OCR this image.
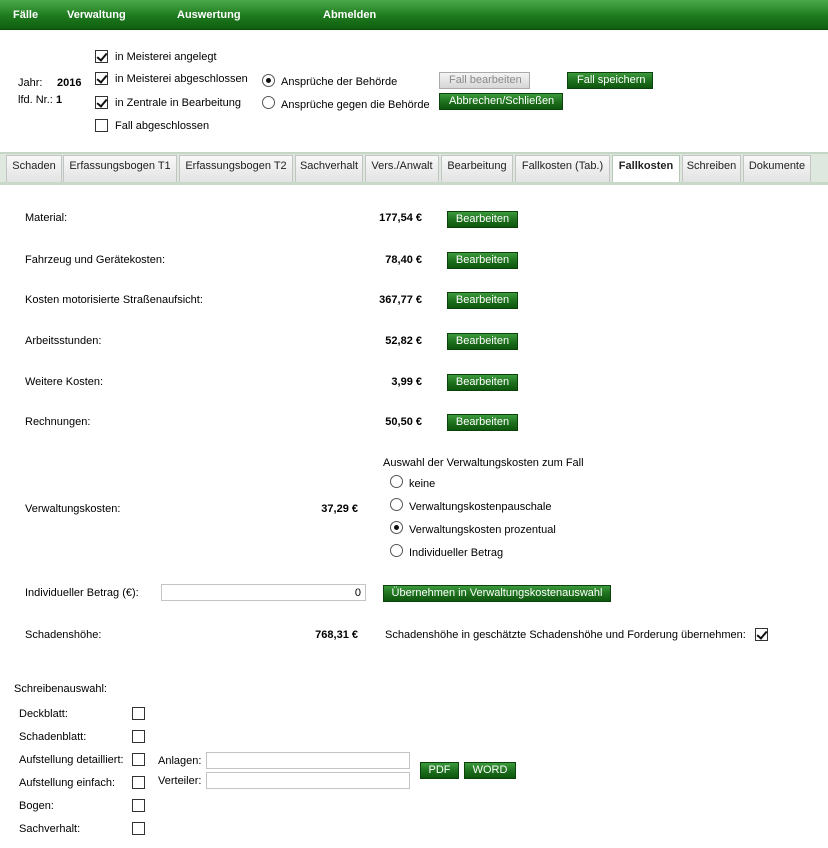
Fälle	Verwaltung	Auswertung	Abmelden
Jahr: 2016
lfd. Nr.: 1
in Meisterei angelegt
in Meisterei abgeschlossen
in Zentrale in Bearbeitung
Fall abgeschlossen
Ansprüche der Behörde
Ansprüche gegen die Behörde
Fall bearbeiten	Fall speichern
Abbrechen/Schließen
Schaden	Erfassungsbogen T1	Erfassungsbogen T2	Sachverhalt	Vers./Anwalt	Bearbeitung	Fallkosten (Tab.)	Fallkosten	Schreiben	Dokumente
Material:	177,54 €	Bearbeiten
Fahrzeug und Gerätekosten:	78,40 €	Bearbeiten
Kosten motorisierte Straßenaufsicht:	367,77 €	Bearbeiten
Arbeitsstunden:	52,82 €	Bearbeiten
Weitere Kosten:	3,99 €	Bearbeiten
Rechnungen:	50,50 €	Bearbeiten
Auswahl der Verwaltungskosten zum Fall
keine
Verwaltungskostenpauschale
Verwaltungskosten prozentual
Individueller Betrag
Verwaltungskosten:	37,29 €
Individueller Betrag (€):
0	Übernehmen in Verwaltungskostenauswahl
Schadenshöhe:	768,31 € Schadenshöhe in geschätzte Schadenshöhe und Forderung übernehmen:
Schreibenauswahl:
Deckblatt:
Schadenblatt:
Aufstellung detailliert:
Aufstellung einfach:
Bogen:
Sachverhalt:
Anlagen:
Verteiler:
PDF	WORD
